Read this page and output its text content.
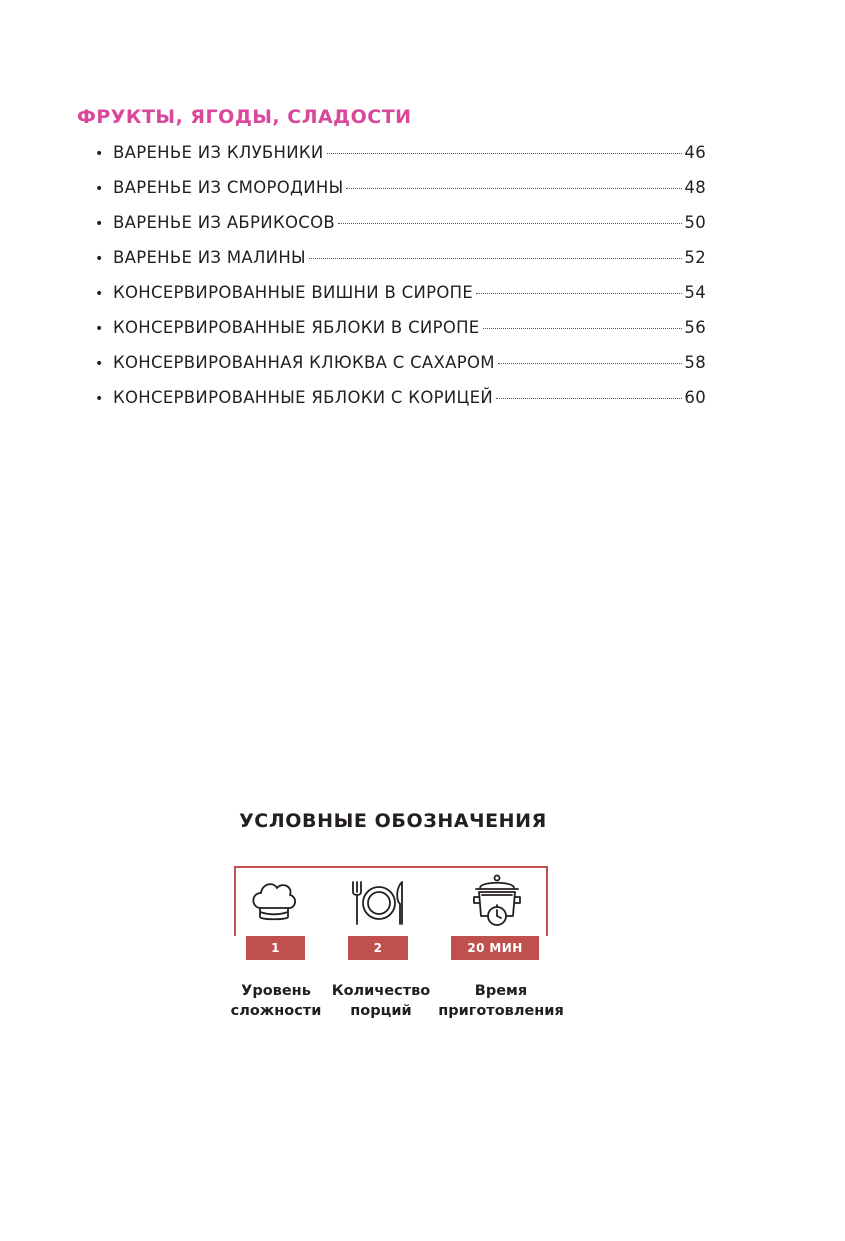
ФРУКТЫ, ЯГОДЫ, СЛАДОСТИ
• ВАРЕНЬЕ ИЗ КЛУБНИКИ	46
• ВАРЕНЬЕ ИЗ СМОРОДИНЫ	48
• ВАРЕНЬЕ ИЗ АБРИКОСОВ	50
• ВАРЕНЬЕ ИЗ МАЛИНЫ	52
• КОНСЕРВИРОВАННЫЕ ВИШНИ В СИРОПЕ	54
• КОНСЕРВИРОВАННЫЕ ЯБЛОКИ В СИРОПЕ	56
• КОНСЕРВИРОВАННАЯ КЛЮКВА С САХАРОМ	58
• КОНСЕРВИРОВАННЫЕ ЯБЛОКИ С КОРИЦЕЙ	60
УСЛОВНЫЕ ОБОЗНАЧЕНИЯ
1	2	20 МИН
Уровень
сложности
Количество
порций
Время
приготовления
